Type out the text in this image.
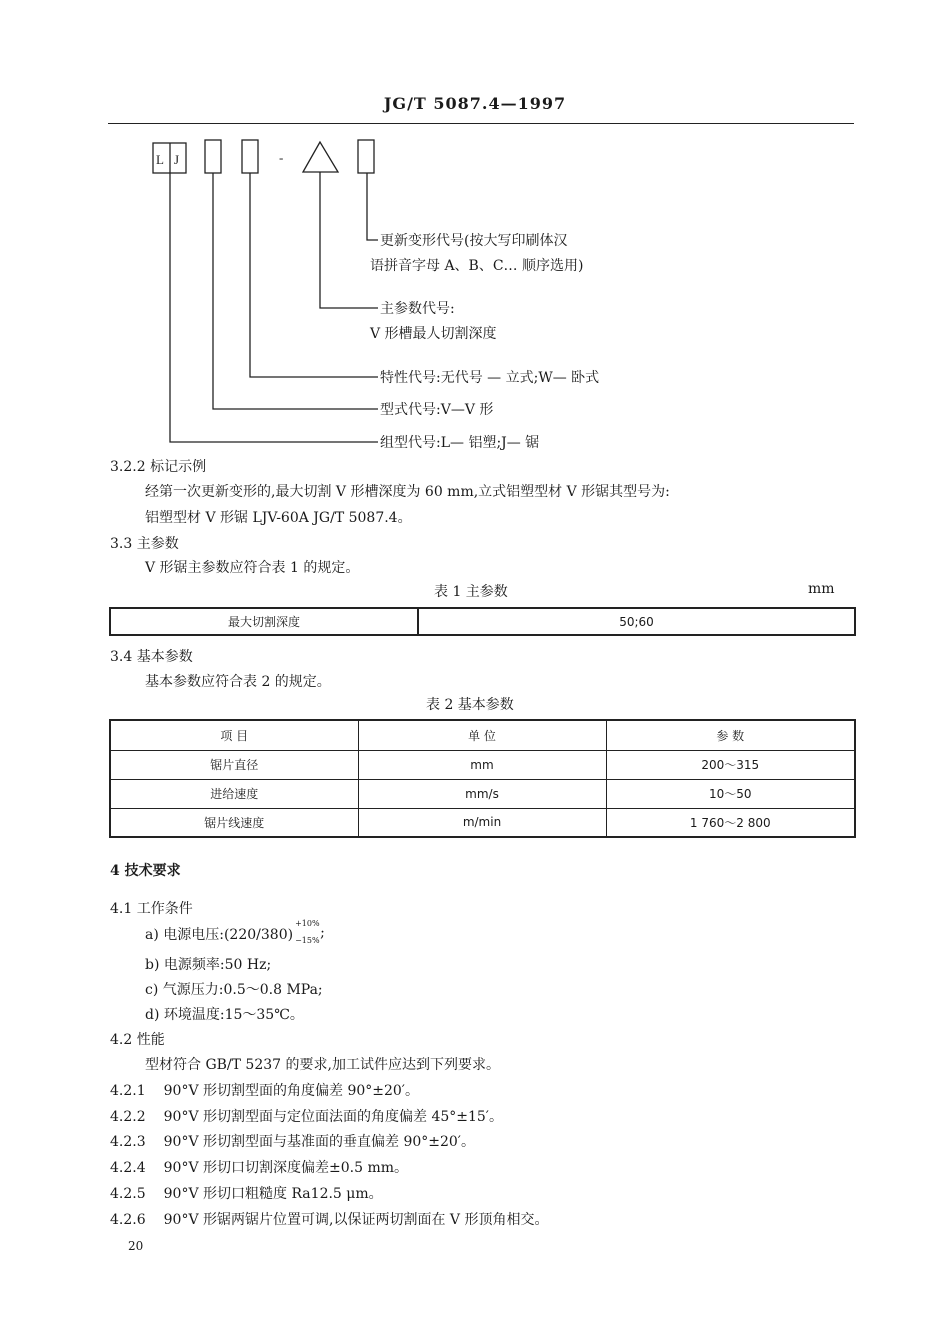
JG/T 5087.4—1997
L J	-
更新变形代号(按大写印刷体汉
语拼音字母 A、B、C… 顺序选用)
主参数代号:
V 形槽最人切割深度
特性代号:无代号 — 立式;W— 卧式
型式代号:V—V 形
组型代号:L— 铝塑;J— 锯
3.2.2 标记示例
经第一次更新变形的,最大切割 V 形槽深度为 60 mm,立式铝塑型材 V 形锯其型号为:
铝塑型材 V 形锯 LJV-60A JG/T 5087.4。
3.3 主参数
V 形锯主参数应符合表 1 的规定。
表 1 主参数	mm
最大切割深度	50;60
3.4 基本参数
基本参数应符合表 2 的规定。
表 2 基本参数
项 目	单 位	参 数
锯片直径	mm	200～315
进给速度	mm/s	10～50
锯片线速度	m/min	1 760～2 800
4 技术要求
4.1 工作条件
a) 电源电压:(220/380)
+10%
−15% ;
b) 电源频率:50 Hz;
c) 气源压力:0.5～0.8 MPa;
d) 环境温度:15～35℃。
4.2 性能
型材符合 GB/T 5237 的要求,加工试件应达到下列要求。
4.2.1 90°V 形切割型面的角度偏差 90°±20′。
4.2.2 90°V 形切割型面与定位面法面的角度偏差 45°±15′。
4.2.3 90°V 形切割型面与基准面的垂直偏差 90°±20′。
4.2.4 90°V 形切口切割深度偏差±0.5 mm。
4.2.5 90°V 形切口粗糙度 Ra12.5 μm。
4.2.6 90°V 形锯两锯片位置可调,以保证两切割面在 V 形顶角相交。
20
